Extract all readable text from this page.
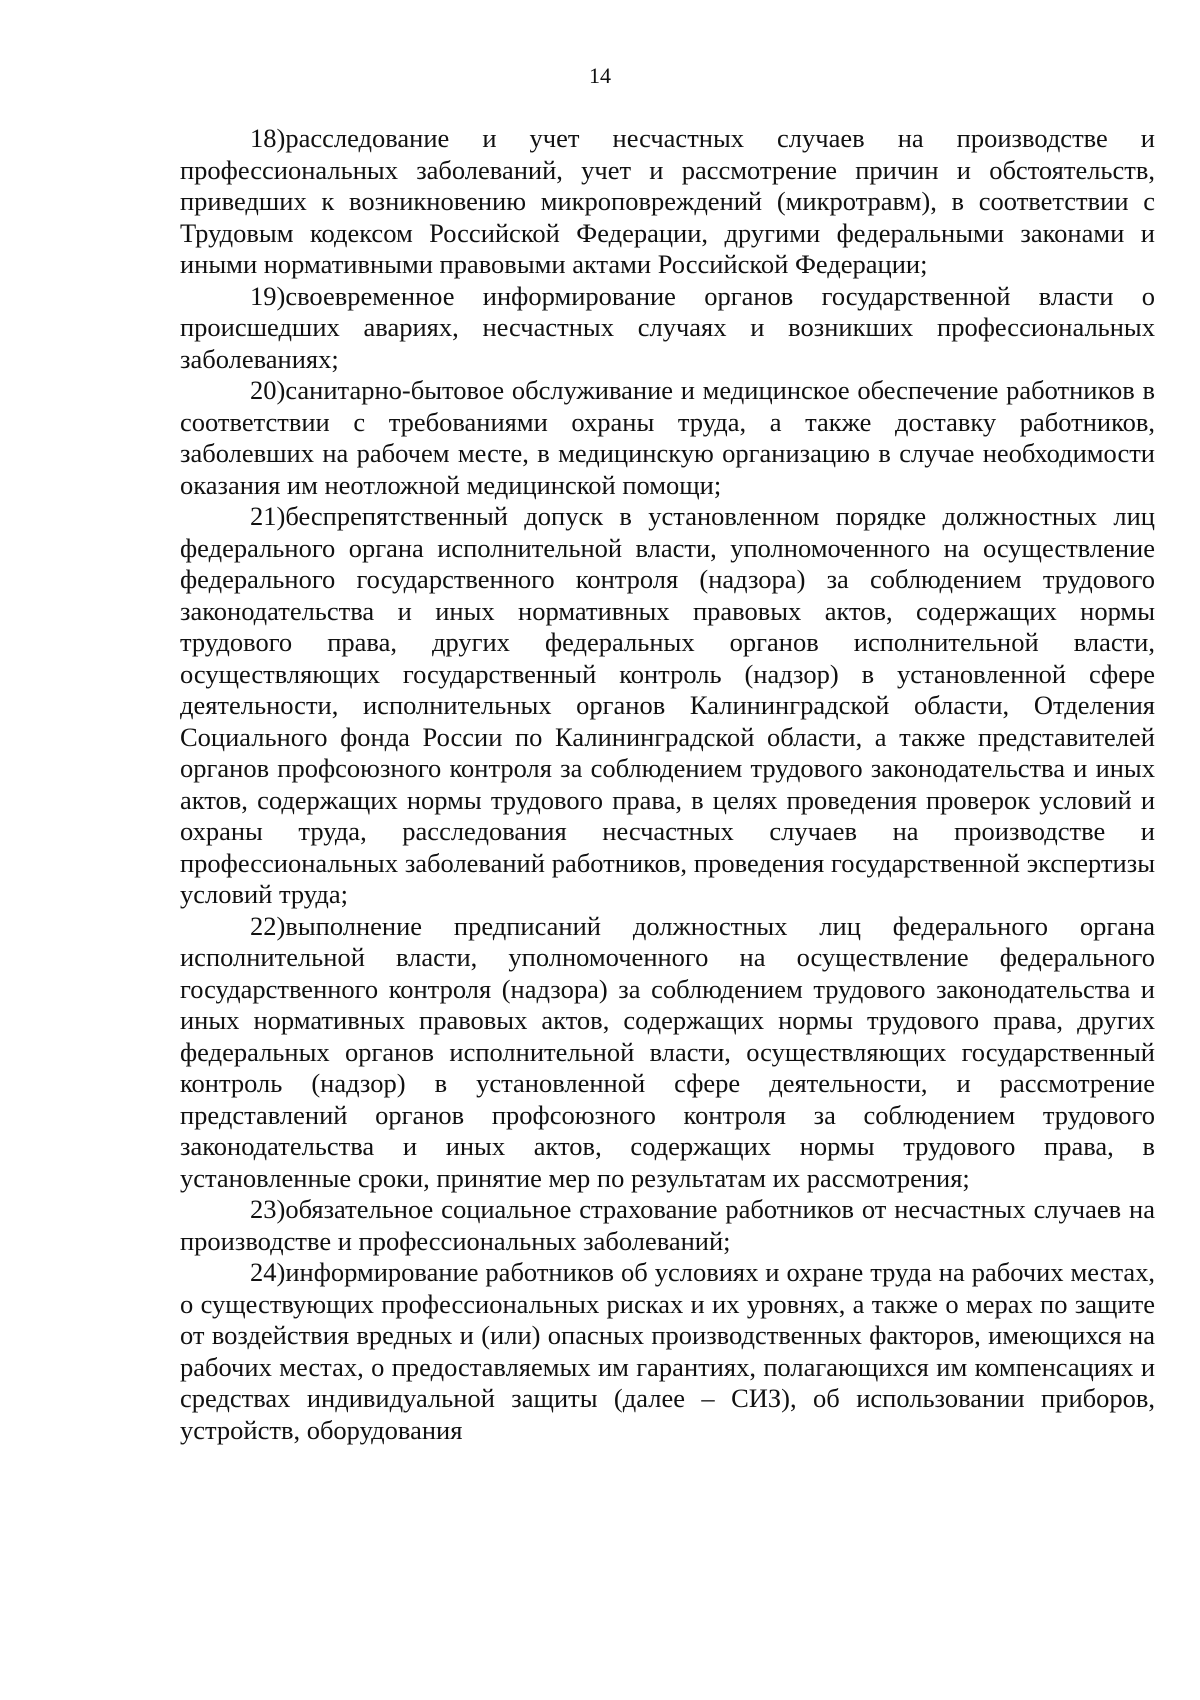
14

18)расследование и учет несчастных случаев на производстве и профессиональных заболеваний, учет и рассмотрение причин и обстоятельств, приведших к возникновению микроповреждений (микротравм), в соответствии с Трудовым кодексом Российской Федерации, другими федеральными законами и иными нормативными правовыми актами Российской Федерации;

19)своевременное информирование органов государственной власти о происшедших авариях, несчастных случаях и возникших профессиональных заболеваниях;

20)санитарно-бытовое обслуживание и медицинское обеспечение работников в соответствии с требованиями охраны труда, а также доставку работников, заболевших на рабочем месте, в медицинскую организацию в случае необходимости оказания им неотложной медицинской помощи;

21)беспрепятственный допуск в установленном порядке должностных лиц федерального органа исполнительной власти, уполномоченного на осуществление федерального государственного контроля (надзора) за соблюдением трудового законодательства и иных нормативных правовых актов, содержащих нормы трудового права, других федеральных органов исполнительной власти, осуществляющих государственный контроль (надзор) в установленной сфере деятельности, исполнительных органов Калининградской области, Отделения Социального фонда России по Калининградской области, а также представителей органов профсоюзного контроля за соблюдением трудового законодательства и иных актов, содержащих нормы трудового права, в целях проведения проверок условий и охраны труда, расследования несчастных случаев на производстве и профессиональных заболеваний работников, проведения государственной экспертизы условий труда;

22)выполнение предписаний должностных лиц федерального органа исполнительной власти, уполномоченного на осуществление федерального государственного контроля (надзора) за соблюдением трудового законодательства и иных нормативных правовых актов, содержащих нормы трудового права, других федеральных органов исполнительной власти, осуществляющих государственный контроль (надзор) в установленной сфере деятельности, и рассмотрение представлений органов профсоюзного контроля за соблюдением трудового законодательства и иных актов, содержащих нормы трудового права, в установленные сроки, принятие мер по результатам их рассмотрения;

23)обязательное социальное страхование работников от несчастных случаев на производстве и профессиональных заболеваний;

24)информирование работников об условиях и охране труда на рабочих местах, о существующих профессиональных рисках и их уровнях, а также о мерах по защите от воздействия вредных и (или) опасных производственных факторов, имеющихся на рабочих местах, о предоставляемых им гарантиях, полагающихся им компенсациях и средствах индивидуальной защиты (далее – СИЗ), об использовании приборов, устройств, оборудования
